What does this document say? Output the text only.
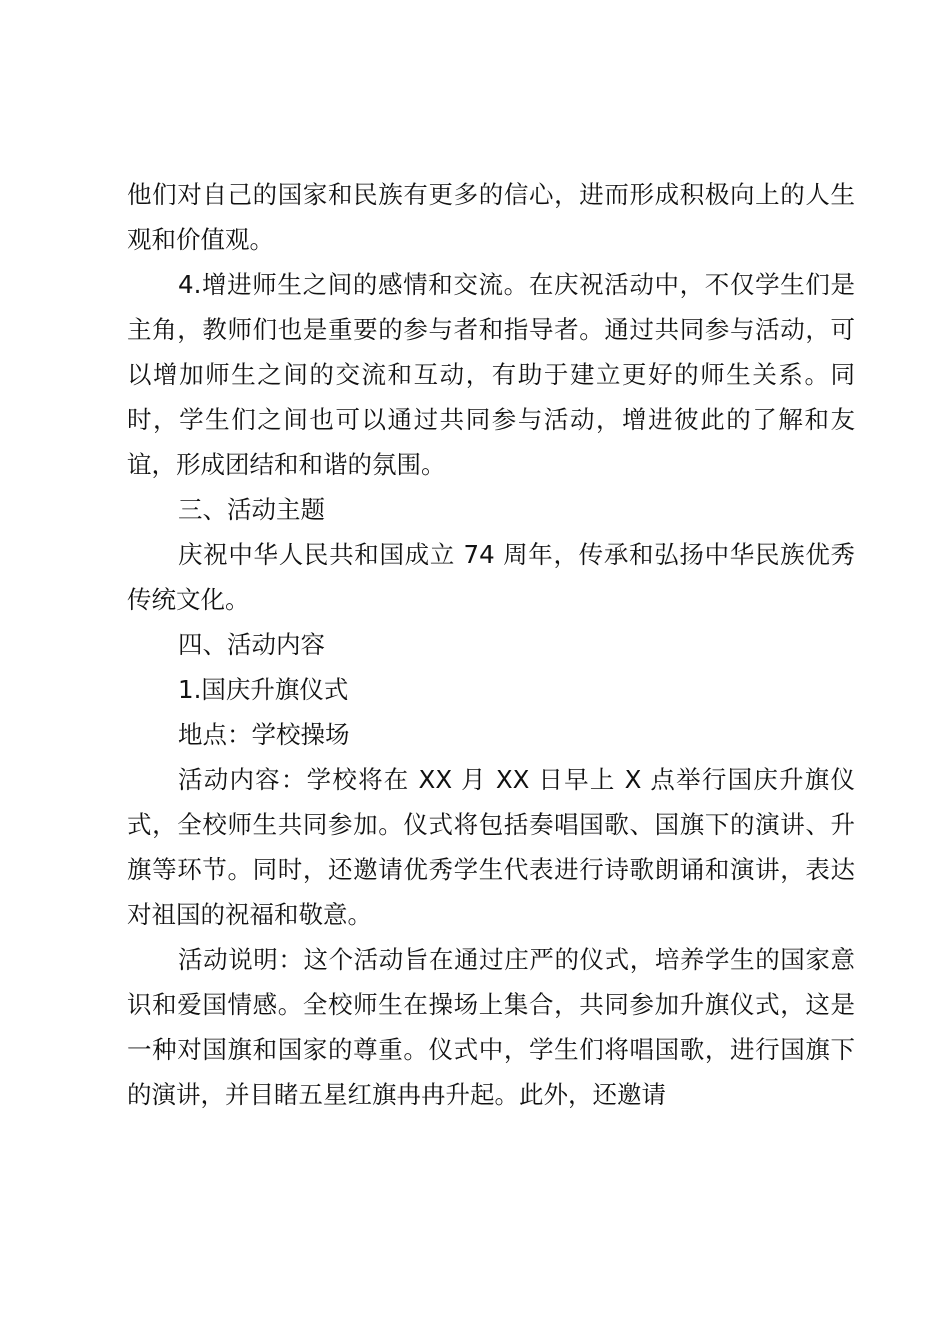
他们对自己的国家和民族有更多的信心，进而形成积极向上的人生观和价值观。

4.增进师生之间的感情和交流。在庆祝活动中，不仅学生们是主角，教师们也是重要的参与者和指导者。通过共同参与活动，可以增加师生之间的交流和互动，有助于建立更好的师生关系。同时，学生们之间也可以通过共同参与活动，增进彼此的了解和友谊，形成团结和和谐的氛围。

三、活动主题

庆祝中华人民共和国成立 74 周年，传承和弘扬中华民族优秀传统文化。

四、活动内容

1.国庆升旗仪式

地点：学校操场

活动内容：学校将在 XX 月 XX 日早上 X 点举行国庆升旗仪式，全校师生共同参加。仪式将包括奏唱国歌、国旗下的演讲、升旗等环节。同时，还邀请优秀学生代表进行诗歌朗诵和演讲，表达对祖国的祝福和敬意。

活动说明：这个活动旨在通过庄严的仪式，培养学生的国家意识和爱国情感。全校师生在操场上集合，共同参加升旗仪式，这是一种对国旗和国家的尊重。仪式中，学生们将唱国歌，进行国旗下的演讲，并目睹五星红旗冉冉升起。此外，还邀请
